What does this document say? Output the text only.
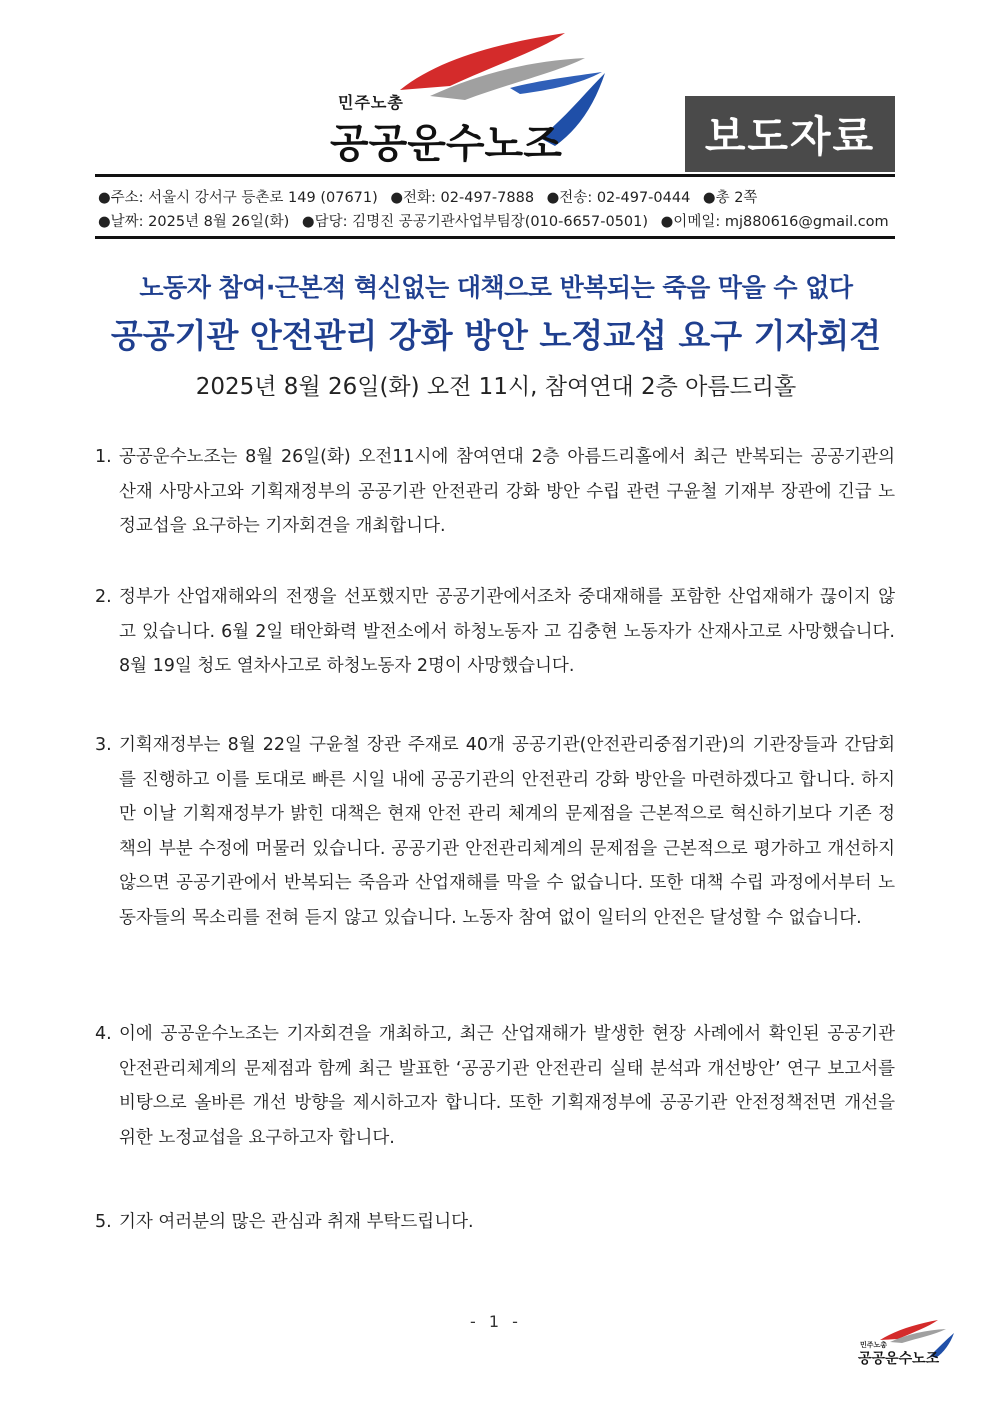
민주노총
공공운수노조	보도자료
●주소: 서울시 강서구 등촌로 149 (07671) ●전화: 02-497-7888 ●전송: 02-497-0444 ●총 2쪽
●날짜: 2025년 8월 26일(화) ●담당: 김명진 공공기관사업부팀장(010-6657-0501) ●이메일: mj880616@gmail.com
노동자 참여·근본적 혁신없는 대책으로 반복되는 죽음 막을 수 없다
공공기관 안전관리 강화 방안 노정교섭 요구 기자회견
2025년 8월 26일(화) 오전 11시, 참여연대 2층 아름드리홀
1. 공공운수노조는 8월 26일(화) 오전11시에 참여연대 2층 아름드리홀에서 최근 반복되는 공공기관의 산재 사망사고와 기획재정부의 공공기관 안전관리 강화 방안 수립 관련 구윤철 기재부 장관에 긴급 노정교섭을 요구하는 기자회견을 개최합니다.
2. 정부가 산업재해와의 전쟁을 선포했지만 공공기관에서조차 중대재해를 포함한 산업재해가 끊이지 않고 있습니다. 6월 2일 태안화력 발전소에서 하청노동자 고 김충현 노동자가 산재사고로 사망했습니다. 8월 19일 청도 열차사고로 하청노동자 2명이 사망했습니다.
3. 기획재정부는 8월 22일 구윤철 장관 주재로 40개 공공기관(안전관리중점기관)의 기관장들과 간담회를 진행하고 이를 토대로 빠른 시일 내에 공공기관의 안전관리 강화 방안을 마련하겠다고 합니다. 하지만 이날 기획재정부가 밝힌 대책은 현재 안전 관리 체계의 문제점을 근본적으로 혁신하기보다 기존 정책의 부분 수정에 머물러 있습니다. 공공기관 안전관리체계의 문제점을 근본적으로 평가하고 개선하지 않으면 공공기관에서 반복되는 죽음과 산업재해를 막을 수 없습니다. 또한 대책 수립 과정에서부터 노동자들의 목소리를 전혀 듣지 않고 있습니다. 노동자 참여 없이 일터의 안전은 달성할 수 없습니다.
4. 이에 공공운수노조는 기자회견을 개최하고, 최근 산업재해가 발생한 현장 사례에서 확인된 공공기관 안전관리체계의 문제점과 함께 최근 발표한 ‘공공기관 안전관리 실태 분석과 개선방안’ 연구 보고서를 비탕으로 올바른 개선 방향을 제시하고자 합니다. 또한 기획재정부에 공공기관 안전정책전면 개선을 위한 노정교섭을 요구하고자 합니다.
5. 기자 여러분의 많은 관심과 취재 부탁드립니다.
- 1 -
민주노총
공공운수노조
